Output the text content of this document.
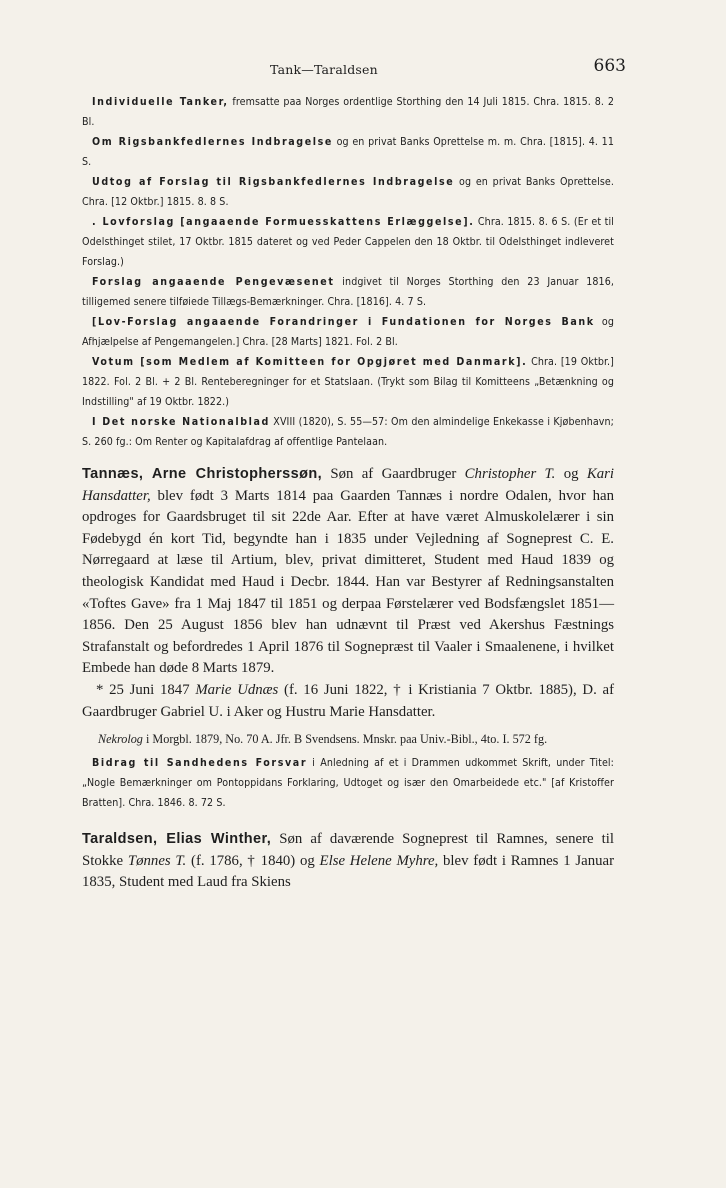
Tank—Taraldsen	663

Individuelle Tanker, fremsatte paa Norges ordentlige Storthing den 14 Juli 1815. Chra. 1815. 8. 2 Bl.

Om Rigsbankfedlernes Indbragelse og en privat Banks Oprettelse m. m. Chra. [1815]. 4. 11 S.

Udtog af Forslag til Rigsbankfedlernes Indbragelse og en privat Banks Oprettelse. Chra. [12 Oktbr.] 1815. 8. 8 S.

. Lovforslag [angaaende Formuesskattens Erlæggelse]. Chra. 1815. 8. 6 S. (Er et til Odelsthinget stilet, 17 Oktbr. 1815 dateret og ved Peder Cappelen den 18 Oktbr. til Odelsthinget indleveret Forslag.)

Forslag angaaende Pengevæsenet indgivet til Norges Storthing den 23 Januar 1816, tilligemed senere tilføiede Tillægs-Bemærkninger. Chra. [1816]. 4. 7 S.

[Lov-Forslag angaaende Forandringer i Fundationen for Norges Bank og Afhjælpelse af Pengemangelen.] Chra. [28 Marts] 1821. Fol. 2 Bl.

Votum [som Medlem af Komitteen for Opgjøret med Danmark]. Chra. [19 Oktbr.] 1822. Fol. 2 Bl. + 2 Bl. Renteberegninger for et Statslaan. (Trykt som Bilag til Komitteens „Betænkning og Indstilling" af 19 Oktbr. 1822.)

I Det norske Nationalblad XVIII (1820), S. 55—57: Om den almindelige Enkekasse i Kjøbenhavn; S. 260 fg.: Om Renter og Kapitalafdrag af offentlige Pantelaan.

Tannæs, Arne Christopherssøn, Søn af Gaardbruger Christopher T. og Kari Hansdatter, blev født 3 Marts 1814 paa Gaarden Tannæs i nordre Odalen, hvor han opdroges for Gaardsbruget til sit 22de Aar. Efter at have været Almuskolelærer i sin Fødebygd én kort Tid, begyndte han i 1835 under Vejledning af Sogneprest C. E. Nørregaard at læse til Artium, blev, privat dimitteret, Student med Haud 1839 og theologisk Kandidat med Haud i Decbr. 1844. Han var Bestyrer af Redningsanstalten «Toftes Gave» fra 1 Maj 1847 til 1851 og derpaa Førstelærer ved Bodsfængslet 1851—1856. Den 25 August 1856 blev han udnævnt til Præst ved Akershus Fæstnings Strafanstalt og befordredes 1 April 1876 til Sognepræst til Vaaler i Smaalenene, i hvilket Embede han døde 8 Marts 1879.

* 25 Juni 1847 Marie Udnæs (f. 16 Juni 1822, † i Kristiania 7 Oktbr. 1885), D. af Gaardbruger Gabriel U. i Aker og Hustru Marie Hansdatter.

Nekrolog i Morgbl. 1879, No. 70 A. Jfr. B Svendsens. Mnskr. paa Univ.-Bibl., 4to. I. 572 fg.

Bidrag til Sandhedens Forsvar i Anledning af et i Drammen udkommet Skrift, under Titel: „Nogle Bemærkninger om Pontoppidans Forklaring, Udtoget og især den Omarbeidede etc." [af Kristoffer Bratten]. Chra. 1846. 8. 72 S.

Taraldsen, Elias Winther, Søn af daværende Sogneprest til Ramnes, senere til Stokke Tønnes T. (f. 1786, † 1840) og Else Helene Myhre, blev født i Ramnes 1 Januar 1835, Student med Laud fra Skiens
